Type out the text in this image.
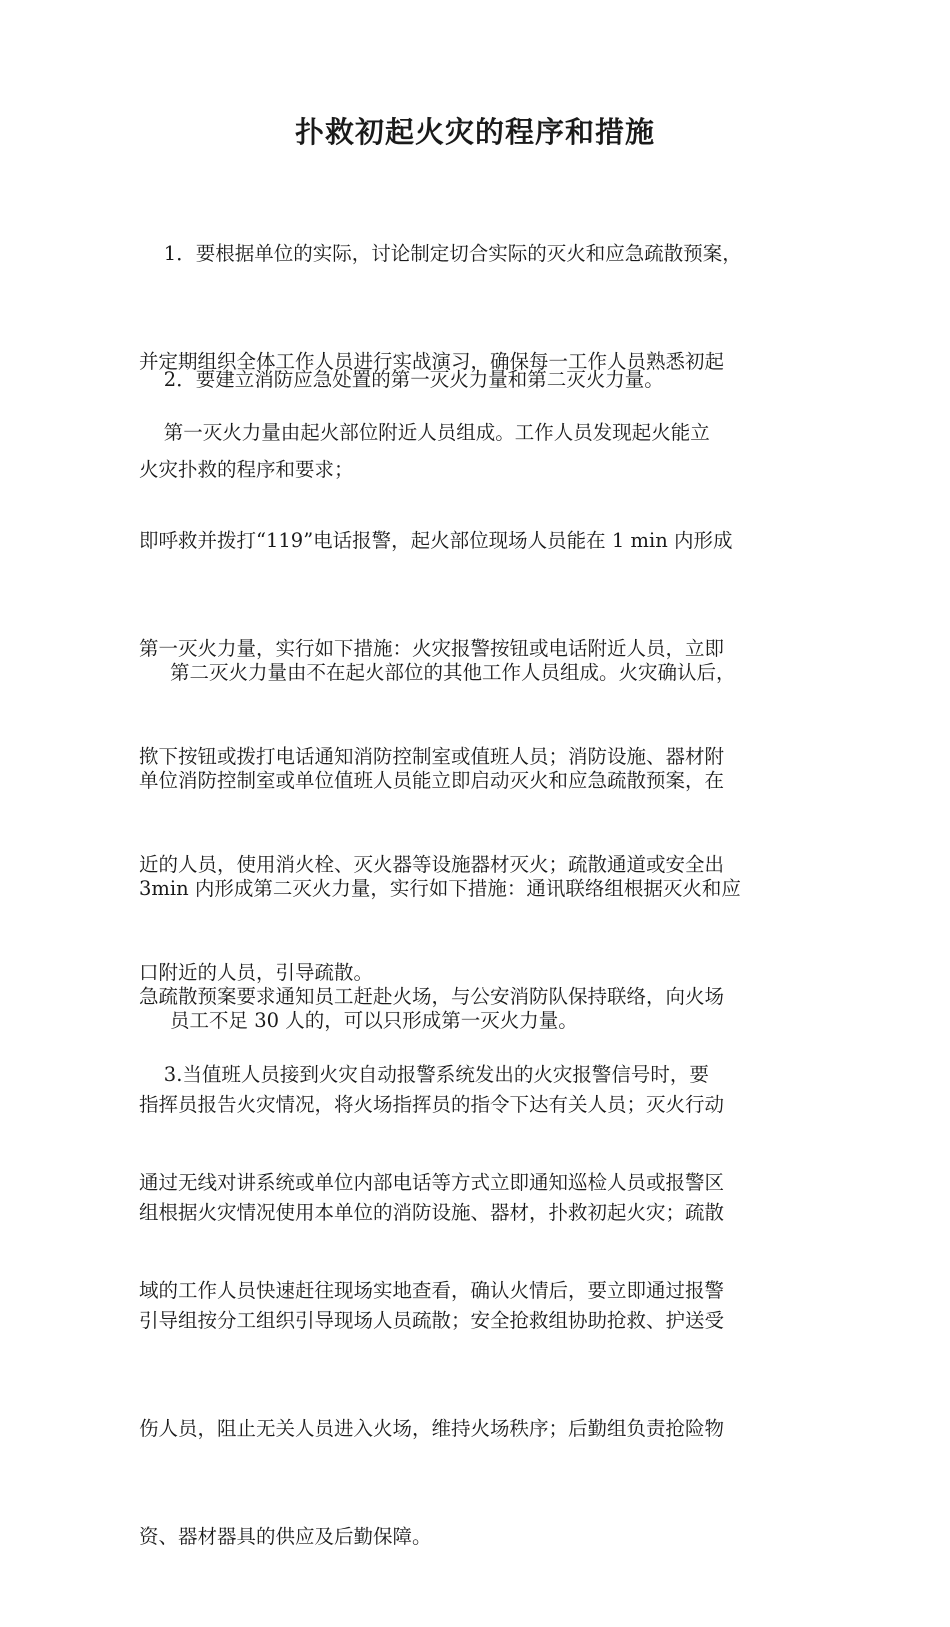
扑救初起火灾的程序和措施

1．要根据单位的实际，讨论制定切合实际的灭火和应急疏散预案，

并定期组织全体工作人员进行实战演习，确保每一工作人员熟悉初起

火灾扑救的程序和要求；

2．要建立消防应急处置的第一灭火力量和第二灭火力量。

第一灭火力量由起火部位附近人员组成。工作人员发现起火能立

即呼救并拨打“119”电话报警，起火部位现场人员能在 1 min 内形成

第一灭火力量，实行如下措施：火灾报警按钮或电话附近人员，立即

揿下按钮或拨打电话通知消防控制室或值班人员；消防设施、器材附

近的人员，使用消火栓、灭火器等设施器材灭火；疏散通道或安全出

口附近的人员，引导疏散。

第二灭火力量由不在起火部位的其他工作人员组成。火灾确认后，

单位消防控制室或单位值班人员能立即启动灭火和应急疏散预案，在

3min 内形成第二灭火力量，实行如下措施：通讯联络组根据灭火和应

急疏散预案要求通知员工赶赴火场，与公安消防队保持联络，向火场

指挥员报告火灾情况，将火场指挥员的指令下达有关人员；灭火行动

组根据火灾情况使用本单位的消防设施、器材，扑救初起火灾；疏散

引导组按分工组织引导现场人员疏散；安全抢救组协助抢救、护送受

伤人员，阻止无关人员进入火场，维持火场秩序；后勤组负责抢险物

资、器材器具的供应及后勤保障。

员工不足 30 人的，可以只形成第一灭火力量。

3.当值班人员接到火灾自动报警系统发出的火灾报警信号时，要

通过无线对讲系统或单位内部电话等方式立即通知巡检人员或报警区

域的工作人员快速赶往现场实地查看，确认火情后，要立即通过报警
